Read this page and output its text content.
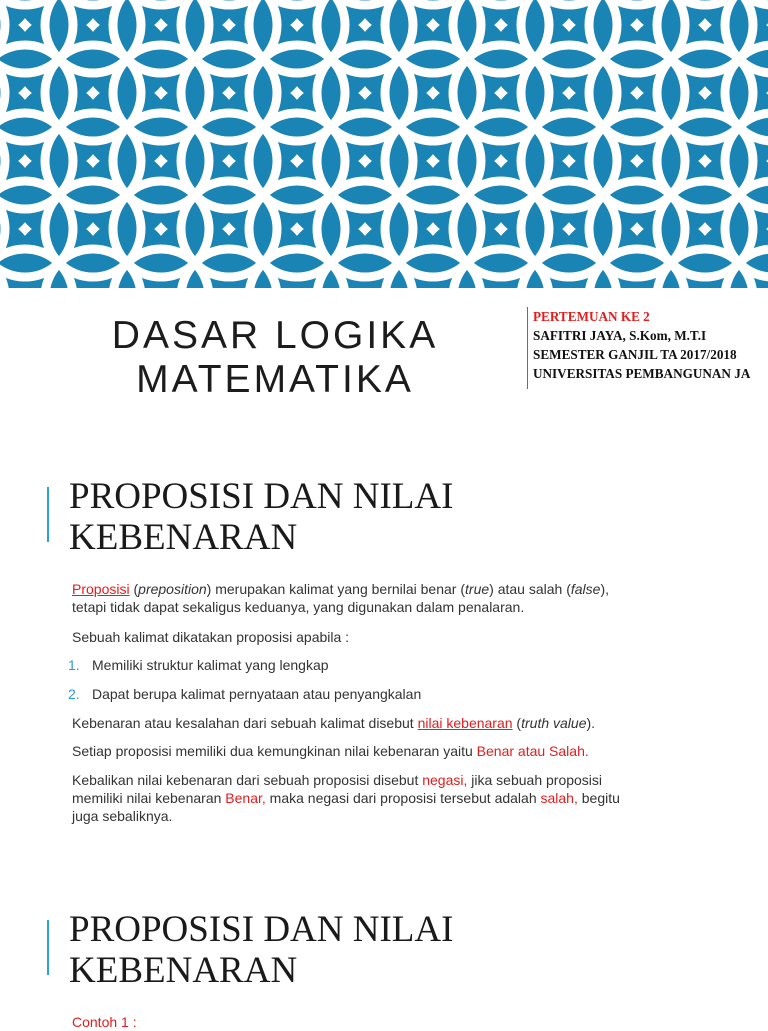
DASAR LOGIKA
MATEMATIKA
PERTEMUAN KE 2
SAFITRI JAYA, S.Kom, M.T.I
SEMESTER GANJIL TA 2017/2018
UNIVERSITAS PEMBANGUNAN JA
PROPOSISI DAN NILAI
KEBENARAN

Proposisi (preposition) merupakan kalimat yang bernilai benar (true) atau salah (false),

tetapi tidak dapat sekaligus keduanya, yang digunakan dalam penalaran.

Sebuah kalimat dikatakan proposisi apabila :

1. Memiliki struktur kalimat yang lengkap

2. Dapat berupa kalimat pernyataan atau penyangkalan

Kebenaran atau kesalahan dari sebuah kalimat disebut nilai kebenaran (truth value).

Setiap proposisi memiliki dua kemungkinan nilai kebenaran yaitu Benar atau Salah.

Kebalikan nilai kebenaran dari sebuah proposisi disebut negasi, jika sebuah proposisi

memiliki nilai kebenaran Benar, maka negasi dari proposisi tersebut adalah salah, begitu

juga sebaliknya.

PROPOSISI DAN NILAI
KEBENARAN

Contoh 1 :
